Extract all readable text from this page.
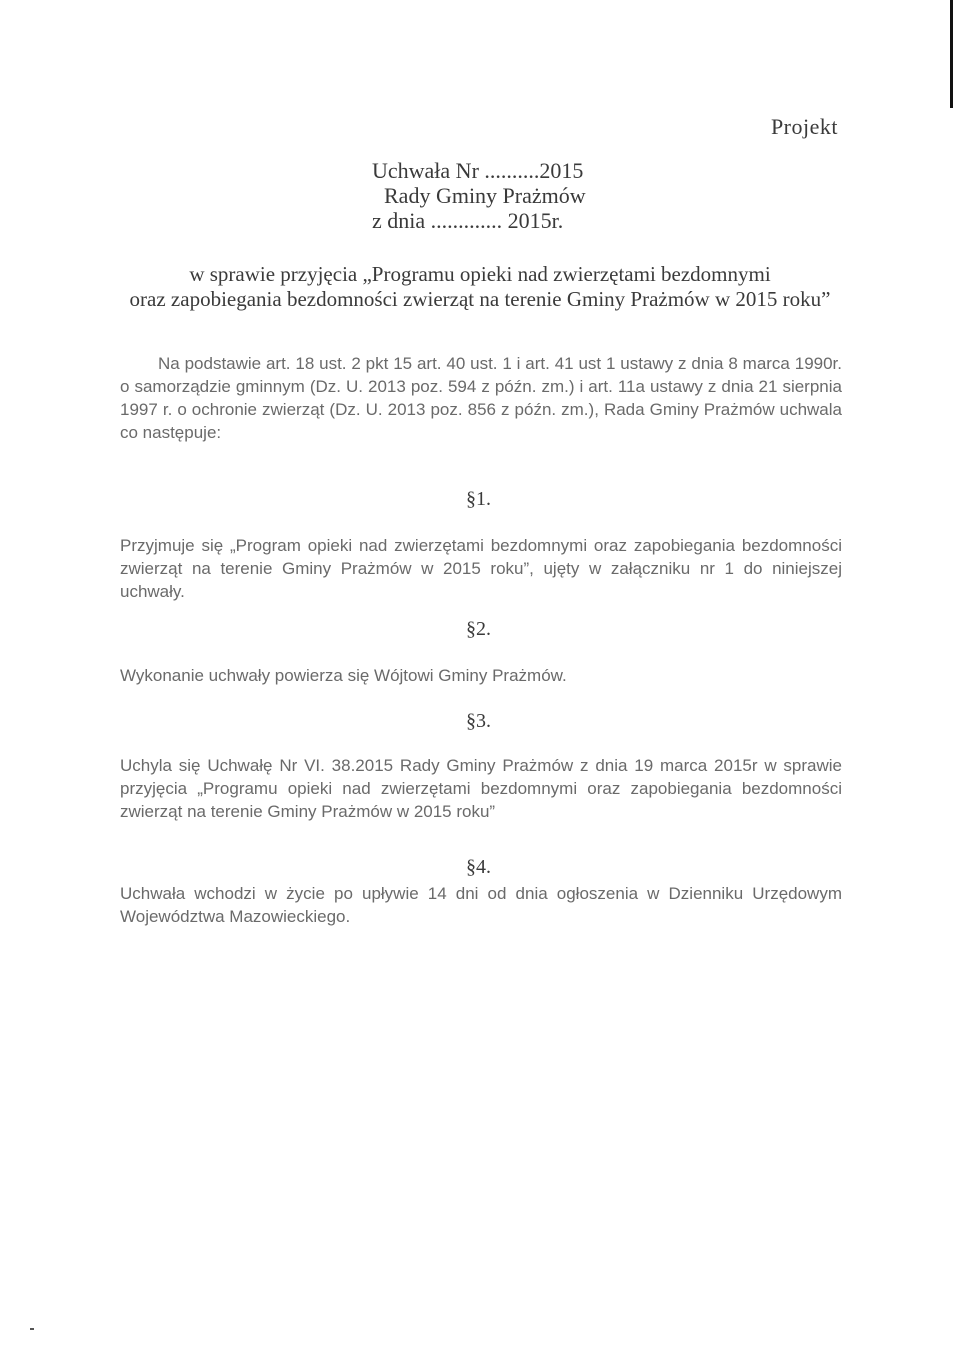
Projekt
Uchwała Nr ..........2015
Rady Gminy Prażmów
z dnia ............. 2015r.
w sprawie przyjęcia „Programu opieki nad zwierzętami bezdomnymi
oraz zapobiegania bezdomności zwierząt na terenie Gminy Prażmów w 2015 roku”
Na podstawie art. 18 ust. 2 pkt 15 art. 40 ust. 1 i art. 41 ust 1 ustawy z dnia 8 marca 1990r. o samorządzie gminnym (Dz. U. 2013 poz. 594 z późn. zm.) i art. 11a ustawy z dnia 21 sierpnia 1997 r. o ochronie zwierząt (Dz. U. 2013 poz. 856 z późn. zm.), Rada Gminy Prażmów uchwala co następuje:
§1.
Przyjmuje się „Program opieki nad zwierzętami bezdomnymi oraz zapobiegania bezdomności zwierząt na terenie Gminy Prażmów w 2015 roku”, ujęty w załączniku nr 1 do niniejszej uchwały.
§2.
Wykonanie uchwały powierza się Wójtowi Gminy Prażmów.
§3.
Uchyla się Uchwałę Nr VI. 38.2015 Rady Gminy Prażmów z dnia 19 marca 2015r w sprawie przyjęcia „Programu opieki nad zwierzętami bezdomnymi oraz zapobiegania bezdomności zwierząt na terenie Gminy Prażmów w 2015 roku”
§4.
Uchwała wchodzi w życie po upływie 14 dni od dnia ogłoszenia w Dzienniku Urzędowym Województwa Mazowieckiego.
